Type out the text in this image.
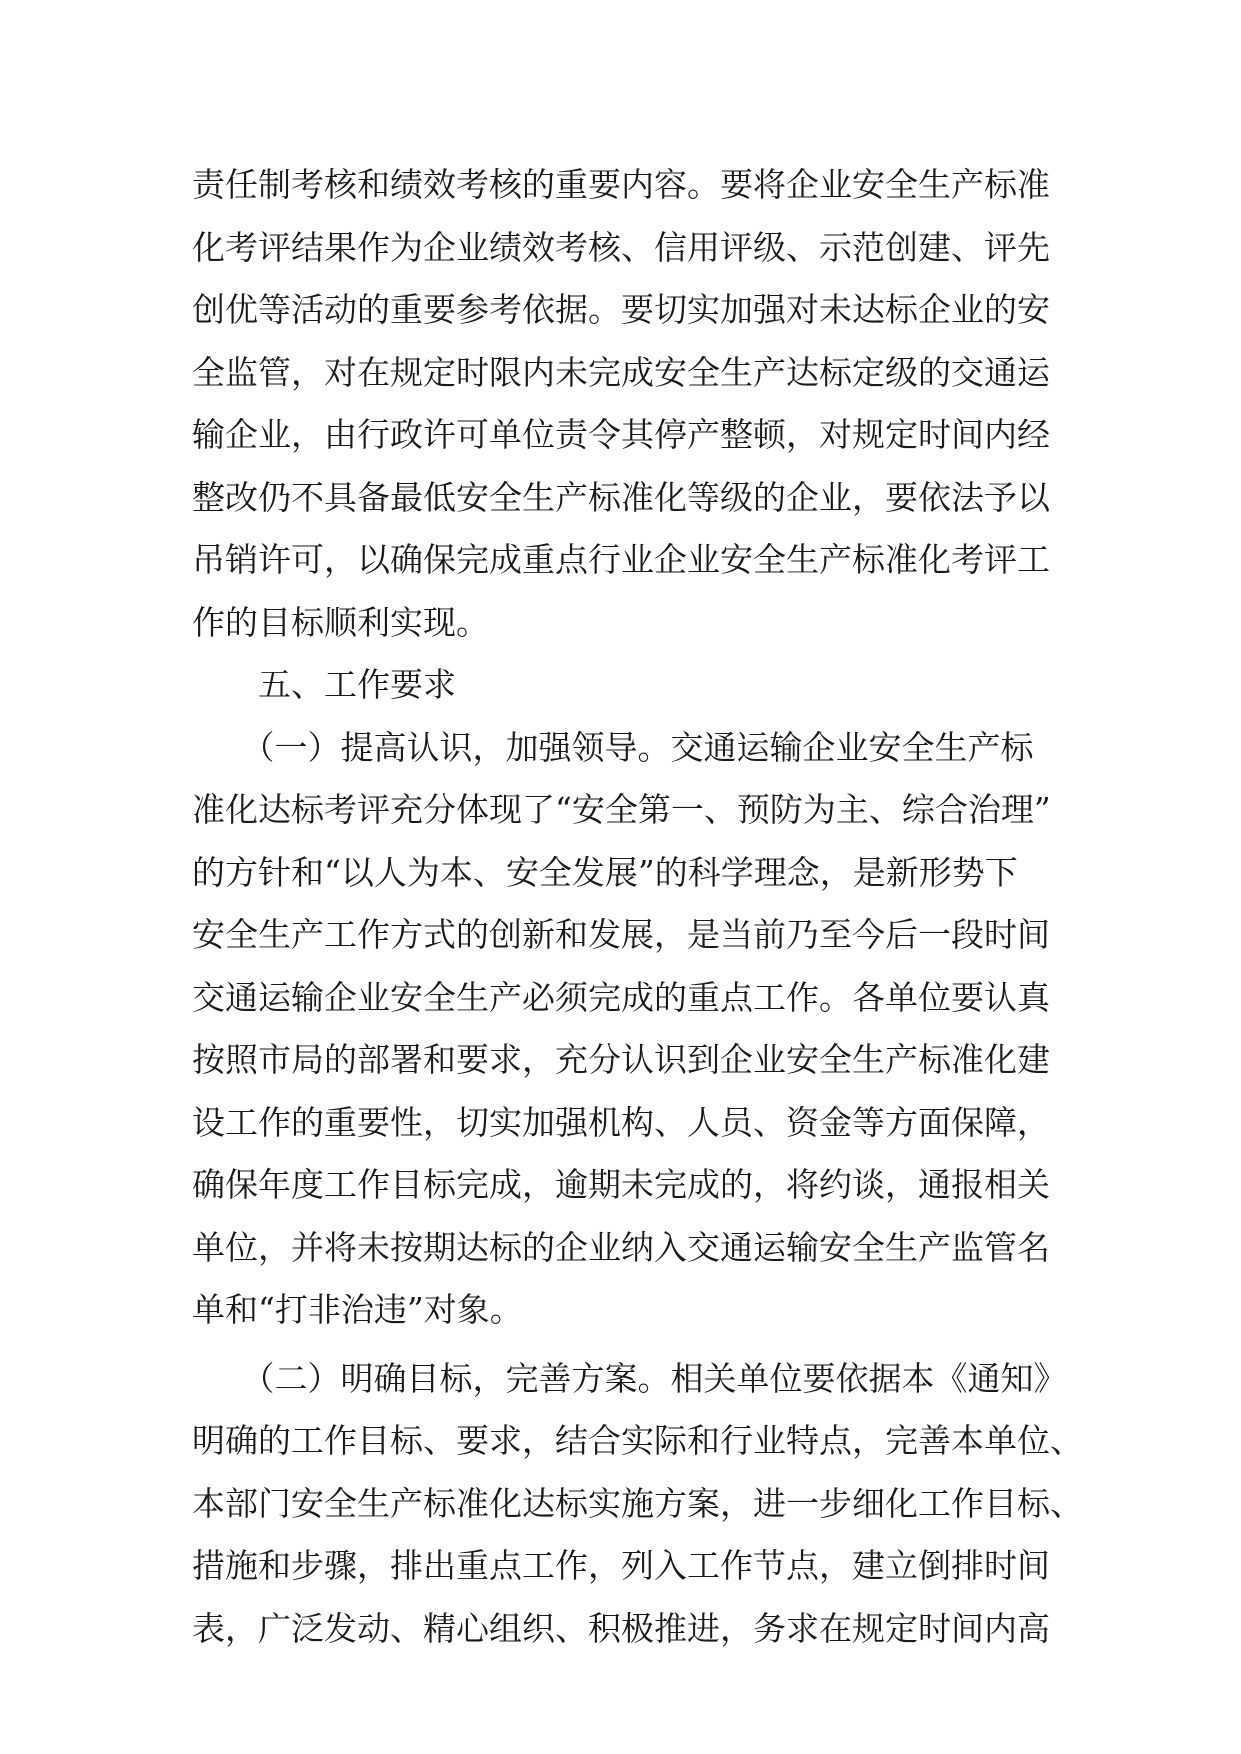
责任制考核和绩效考核的重要内容。要将企业安全生产标准
化考评结果作为企业绩效考核、信用评级、示范创建、评先
创优等活动的重要参考依据。要切实加强对未达标企业的安
全监管，对在规定时限内未完成安全生产达标定级的交通运
输企业，由行政许可单位责令其停产整顿，对规定时间内经
整改仍不具备最低安全生产标准化等级的企业，要依法予以
吊销许可，以确保完成重点行业企业安全生产标准化考评工
作的目标顺利实现。
　　五、工作要求
　　（一）提高认识，加强领导。交通运输企业安全生产标
准化达标考评充分体现了“安全第一、预防为主、综合治理”
的方针和“以人为本、安全发展”的科学理念，是新形势下
安全生产工作方式的创新和发展，是当前乃至今后一段时间
交通运输企业安全生产必须完成的重点工作。各单位要认真
按照市局的部署和要求，充分认识到企业安全生产标准化建
设工作的重要性，切实加强机构、人员、资金等方面保障，
确保年度工作目标完成，逾期未完成的，将约谈，通报相关
单位，并将未按期达标的企业纳入交通运输安全生产监管名
单和“打非治违”对象。
　　（二）明确目标，完善方案。相关单位要依据本《通知》
明确的工作目标、要求，结合实际和行业特点，完善本单位、
本部门安全生产标准化达标实施方案，进一步细化工作目标、
措施和步骤，排出重点工作，列入工作节点，建立倒排时间
表，广泛发动、精心组织、积极推进，务求在规定时间内高
